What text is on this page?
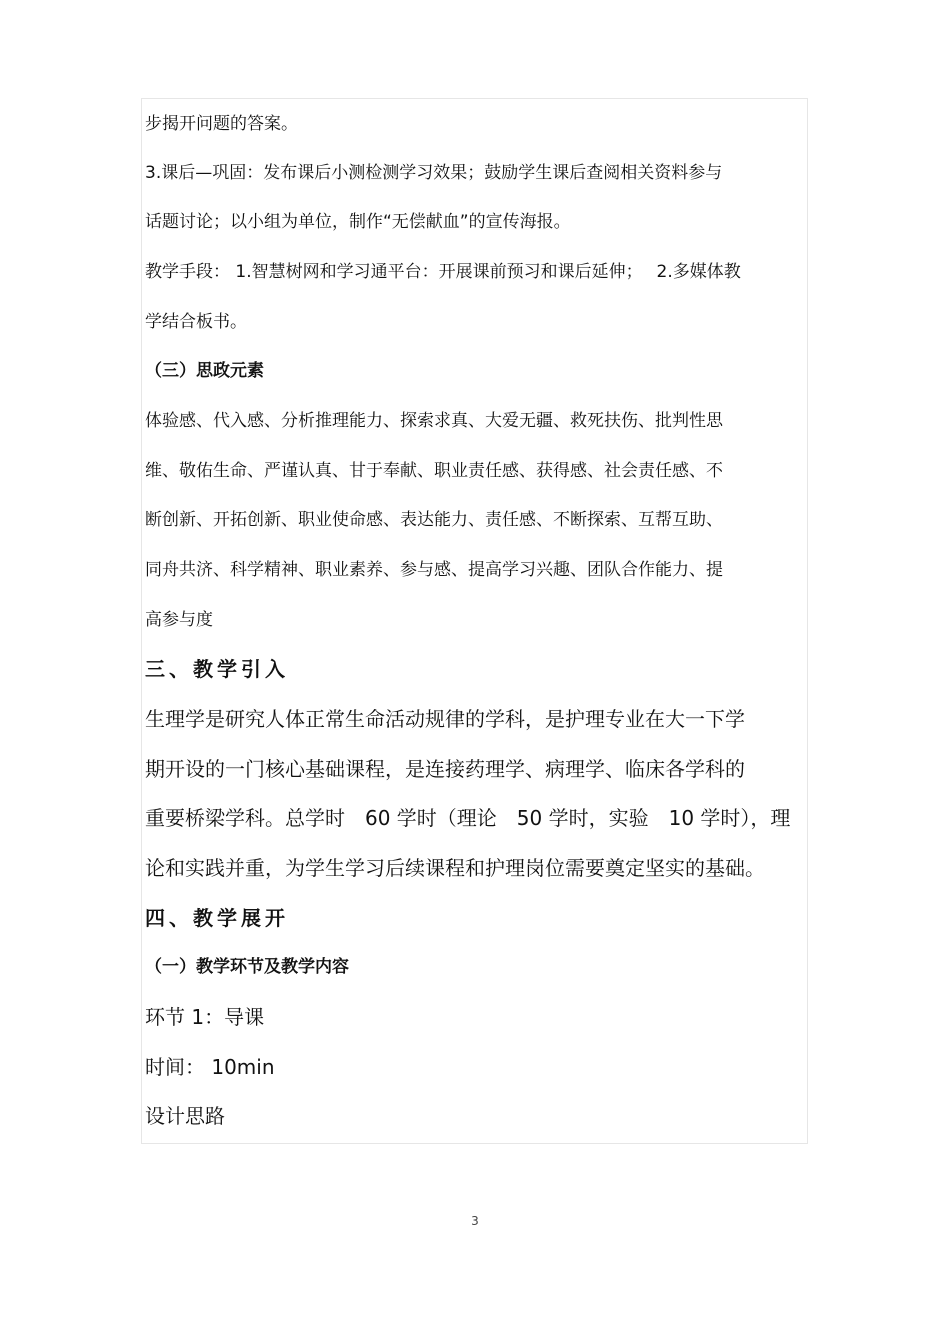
步揭开问题的答案。
3.课后—巩固：发布课后小测检测学习效果；鼓励学生课后查阅相关资料参与
话题讨论；以小组为单位，制作“无偿献血”的宣传海报。
教学手段： 1.智慧树网和学习通平台：开展课前预习和课后延伸；　 2.多媒体教
学结合板书。
（三）思政元素
体验感、代入感、分析推理能力、探索求真、大爱无疆、救死扶伤、批判性思
维、敬佑生命、严谨认真、甘于奉献、职业责任感、获得感、社会责任感、不
断创新、开拓创新、职业使命感、表达能力、责任感、不断探索、互帮互助、
同舟共济、科学精神、职业素养、参与感、提高学习兴趣、团队合作能力、提
高参与度
三、教学引入
生理学是研究人体正常生命活动规律的学科，是护理专业在大一下学
期开设的一门核心基础课程，是连接药理学、病理学、临床各学科的
重要桥梁学科。总学时　60 学时（理论　50 学时，实验　10 学时），理
论和实践并重，为学生学习后续课程和护理岗位需要奠定坚实的基础。
四、教学展开
（一）教学环节及教学内容
环节 1：导课
时间： 10min
设计思路
3
